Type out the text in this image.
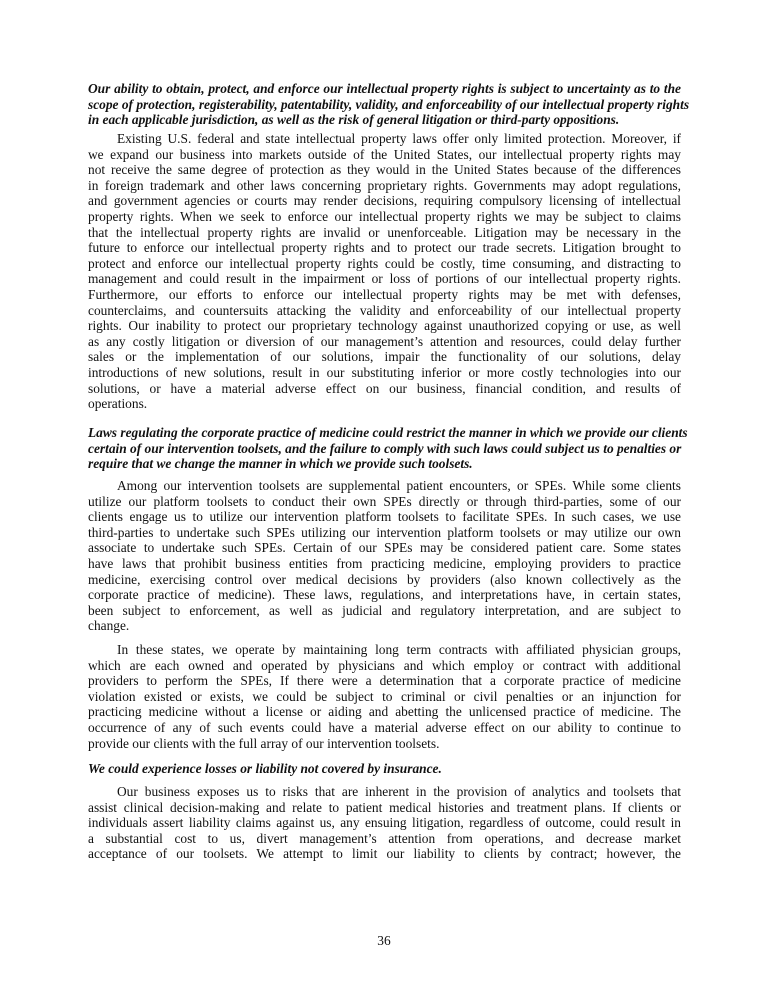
Our ability to obtain, protect, and enforce our intellectual property rights is subject to uncertainty as to the
scope of protection, registerability, patentability, validity, and enforceability of our intellectual property rights
in each applicable jurisdiction, as well as the risk of general litigation or third-party oppositions.
Existing U.S. federal and state intellectual property laws offer only limited protection. Moreover, if
we expand our business into markets outside of the United States, our intellectual property rights may
not receive the same degree of protection as they would in the United States because of the differences
in foreign trademark and other laws concerning proprietary rights. Governments may adopt regulations,
and government agencies or courts may render decisions, requiring compulsory licensing of intellectual
property rights. When we seek to enforce our intellectual property rights we may be subject to claims
that the intellectual property rights are invalid or unenforceable. Litigation may be necessary in the
future to enforce our intellectual property rights and to protect our trade secrets. Litigation brought to
protect and enforce our intellectual property rights could be costly, time consuming, and distracting to
management and could result in the impairment or loss of portions of our intellectual property rights.
Furthermore, our efforts to enforce our intellectual property rights may be met with defenses,
counterclaims, and countersuits attacking the validity and enforceability of our intellectual property
rights. Our inability to protect our proprietary technology against unauthorized copying or use, as well
as any costly litigation or diversion of our management’s attention and resources, could delay further
sales or the implementation of our solutions, impair the functionality of our solutions, delay
introductions of new solutions, result in our substituting inferior or more costly technologies into our
solutions, or have a material adverse effect on our business, financial condition, and results of
operations.
Laws regulating the corporate practice of medicine could restrict the manner in which we provide our clients
certain of our intervention toolsets, and the failure to comply with such laws could subject us to penalties or
require that we change the manner in which we provide such toolsets.
Among our intervention toolsets are supplemental patient encounters, or SPEs. While some clients
utilize our platform toolsets to conduct their own SPEs directly or through third-parties, some of our
clients engage us to utilize our intervention platform toolsets to facilitate SPEs. In such cases, we use
third-parties to undertake such SPEs utilizing our intervention platform toolsets or may utilize our own
associate to undertake such SPEs. Certain of our SPEs may be considered patient care. Some states
have laws that prohibit business entities from practicing medicine, employing providers to practice
medicine, exercising control over medical decisions by providers (also known collectively as the
corporate practice of medicine). These laws, regulations, and interpretations have, in certain states,
been subject to enforcement, as well as judicial and regulatory interpretation, and are subject to
change.
In these states, we operate by maintaining long term contracts with affiliated physician groups,
which are each owned and operated by physicians and which employ or contract with additional
providers to perform the SPEs, If there were a determination that a corporate practice of medicine
violation existed or exists, we could be subject to criminal or civil penalties or an injunction for
practicing medicine without a license or aiding and abetting the unlicensed practice of medicine. The
occurrence of any of such events could have a material adverse effect on our ability to continue to
provide our clients with the full array of our intervention toolsets.
We could experience losses or liability not covered by insurance.
Our business exposes us to risks that are inherent in the provision of analytics and toolsets that
assist clinical decision-making and relate to patient medical histories and treatment plans. If clients or
individuals assert liability claims against us, any ensuing litigation, regardless of outcome, could result in
a substantial cost to us, divert management’s attention from operations, and decrease market
acceptance of our toolsets. We attempt to limit our liability to clients by contract; however, the
36
